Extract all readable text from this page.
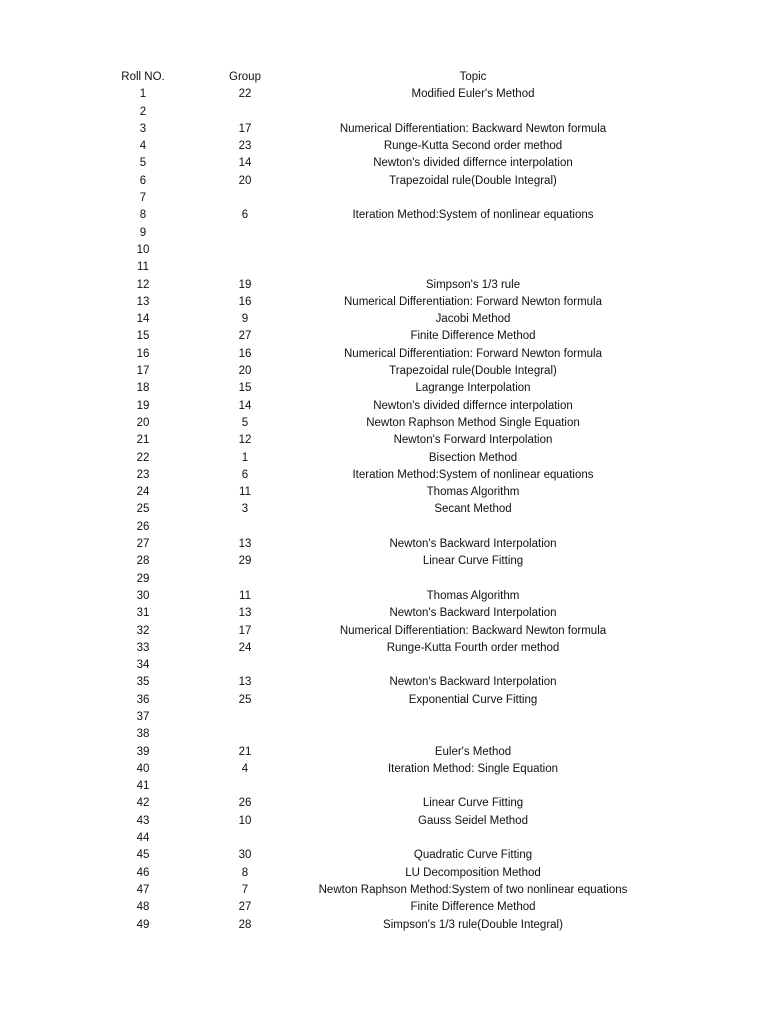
Roll NO.	Group	Topic
1	22	Modified Euler's Method
2
3	17	Numerical Differentiation: Backward Newton formula
4	23	Runge-Kutta Second order method
5	14	Newton's divided differnce interpolation
6	20	Trapezoidal rule(Double Integral)
7
8	6	Iteration Method:System of nonlinear equations
9
10
11
12	19	Simpson's 1/3 rule
13	16	Numerical Differentiation: Forward Newton formula
14	9	Jacobi Method
15	27	Finite Difference Method
16	16	Numerical Differentiation: Forward Newton formula
17	20	Trapezoidal rule(Double Integral)
18	15	Lagrange Interpolation
19	14	Newton's divided differnce interpolation
20	5	Newton Raphson Method Single Equation
21	12	Newton's Forward Interpolation
22	1	Bisection Method
23	6	Iteration Method:System of nonlinear equations
24	11	Thomas Algorithm
25	3	Secant Method
26
27	13	Newton's Backward Interpolation
28	29	Linear Curve Fitting
29
30	11	Thomas Algorithm
31	13	Newton's Backward Interpolation
32	17	Numerical Differentiation: Backward Newton formula
33	24	Runge-Kutta Fourth order method
34
35	13	Newton's Backward Interpolation
36	25	Exponential Curve Fitting
37
38
39	21	Euler's Method
40	4	Iteration Method: Single Equation
41
42	26	Linear Curve Fitting
43	10	Gauss Seidel Method
44
45	30	Quadratic Curve Fitting
46	8	LU Decomposition Method
47	7	Newton Raphson Method:System of two nonlinear equations
48	27	Finite Difference Method
49	28	Simpson's 1/3 rule(Double Integral)
